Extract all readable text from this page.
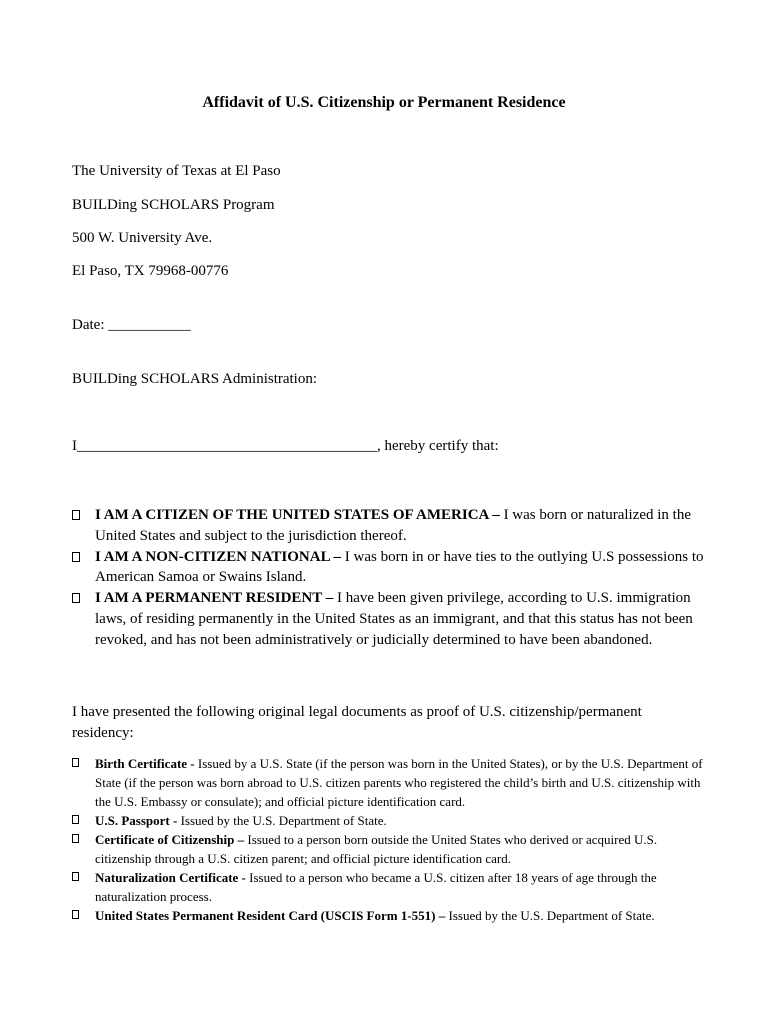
Affidavit of U.S. Citizenship or Permanent Residence
The University of Texas at El Paso
BUILDing SCHOLARS Program
500 W. University Ave.
El Paso, TX 79968-00776
Date: ___________
BUILDing SCHOLARS Administration:
I________________________________________, hereby certify that:
I AM A CITIZEN OF THE UNITED STATES OF AMERICA – I was born or naturalized in the United States and subject to the jurisdiction thereof.
I AM A NON-CITIZEN NATIONAL – I was born in or have ties to the outlying U.S possessions to American Samoa or Swains Island.
I AM A PERMANENT RESIDENT – I have been given privilege, according to U.S. immigration laws, of residing permanently in the United States as an immigrant, and that this status has not been revoked, and has not been administratively or judicially determined to have been abandoned.
I have presented the following original legal documents as proof of U.S. citizenship/permanent residency:
Birth Certificate - Issued by a U.S. State (if the person was born in the United States), or by the U.S. Department of State (if the person was born abroad to U.S. citizen parents who registered the child’s birth and U.S. citizenship with the U.S. Embassy or consulate); and official picture identification card.
U.S. Passport - Issued by the U.S. Department of State.
Certificate of Citizenship – Issued to a person born outside the United States who derived or acquired U.S. citizenship through a U.S. citizen parent; and official picture identification card.
Naturalization Certificate - Issued to a person who became a U.S. citizen after 18 years of age through the naturalization process.
United States Permanent Resident Card (USCIS Form 1-551) – Issued by the U.S. Department of State.
